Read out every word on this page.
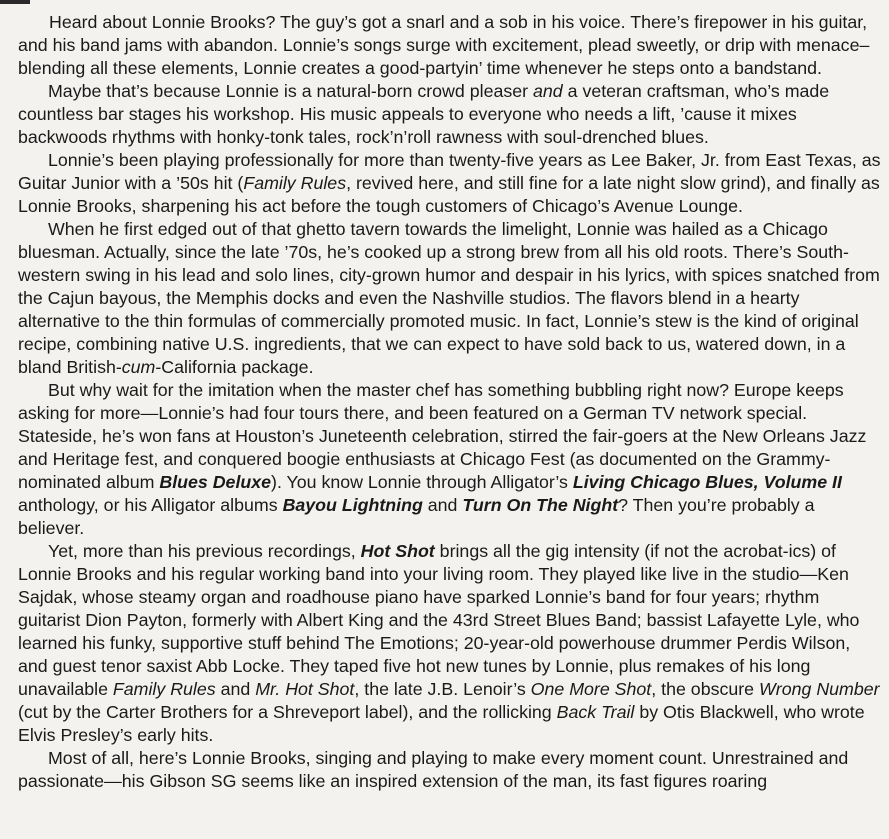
Heard about Lonnie Brooks? The guy’s got a snarl and a sob in his voice. There’s firepower in his guitar, and his band jams with abandon. Lonnie’s songs surge with excitement, plead sweetly, or drip with menace–blending all these elements, Lonnie creates a good-partyin’ time whenever he steps onto a bandstand.

Maybe that’s because Lonnie is a natural-born crowd pleaser and a veteran craftsman, who’s made countless bar stages his workshop. His music appeals to everyone who needs a lift, ’cause it mixes backwoods rhythms with honky-tonk tales, rock’n’roll rawness with soul-drenched blues.

Lonnie’s been playing professionally for more than twenty-five years as Lee Baker, Jr. from East Texas, as Guitar Junior with a ’50s hit (Family Rules, revived here, and still fine for a late night slow grind), and finally as Lonnie Brooks, sharpening his act before the tough customers of Chicago’s Avenue Lounge.

When he first edged out of that ghetto tavern towards the limelight, Lonnie was hailed as a Chicago bluesman. Actually, since the late ’70s, he’s cooked up a strong brew from all his old roots. There’s South-western swing in his lead and solo lines, city-grown humor and despair in his lyrics, with spices snatched from the Cajun bayous, the Memphis docks and even the Nashville studios. The flavors blend in a hearty alternative to the thin formulas of commercially promoted music. In fact, Lonnie’s stew is the kind of original recipe, combining native U.S. ingredients, that we can expect to have sold back to us, watered down, in a bland British-cum-California package.

But why wait for the imitation when the master chef has something bubbling right now? Europe keeps asking for more—Lonnie’s had four tours there, and been featured on a German TV network special. Stateside, he’s won fans at Houston’s Juneteenth celebration, stirred the fair-goers at the New Orleans Jazz and Heritage fest, and conquered boogie enthusiasts at Chicago Fest (as documented on the Grammy-nominated album Blues Deluxe). You know Lonnie through Alligator’s Living Chicago Blues, Volume II anthology, or his Alligator albums Bayou Lightning and Turn On The Night? Then you’re probably a believer.

Yet, more than his previous recordings, Hot Shot brings all the gig intensity (if not the acrobat-ics) of Lonnie Brooks and his regular working band into your living room. They played like live in the studio—Ken Sajdak, whose steamy organ and roadhouse piano have sparked Lonnie’s band for four years; rhythm guitarist Dion Payton, formerly with Albert King and the 43rd Street Blues Band; bassist Lafayette Lyle, who learned his funky, supportive stuff behind The Emotions; 20-year-old powerhouse drummer Perdis Wilson, and guest tenor saxist Abb Locke. They taped five hot new tunes by Lonnie, plus remakes of his long unavailable Family Rules and Mr. Hot Shot, the late J.B. Lenoir’s One More Shot, the obscure Wrong Number (cut by the Carter Brothers for a Shreveport label), and the rollicking Back Trail by Otis Blackwell, who wrote Elvis Presley’s early hits.

Most of all, here’s Lonnie Brooks, singing and playing to make every moment count. Unrestrained and passionate—his Gibson SG seems like an inspired extension of the man, its fast figures roaring
